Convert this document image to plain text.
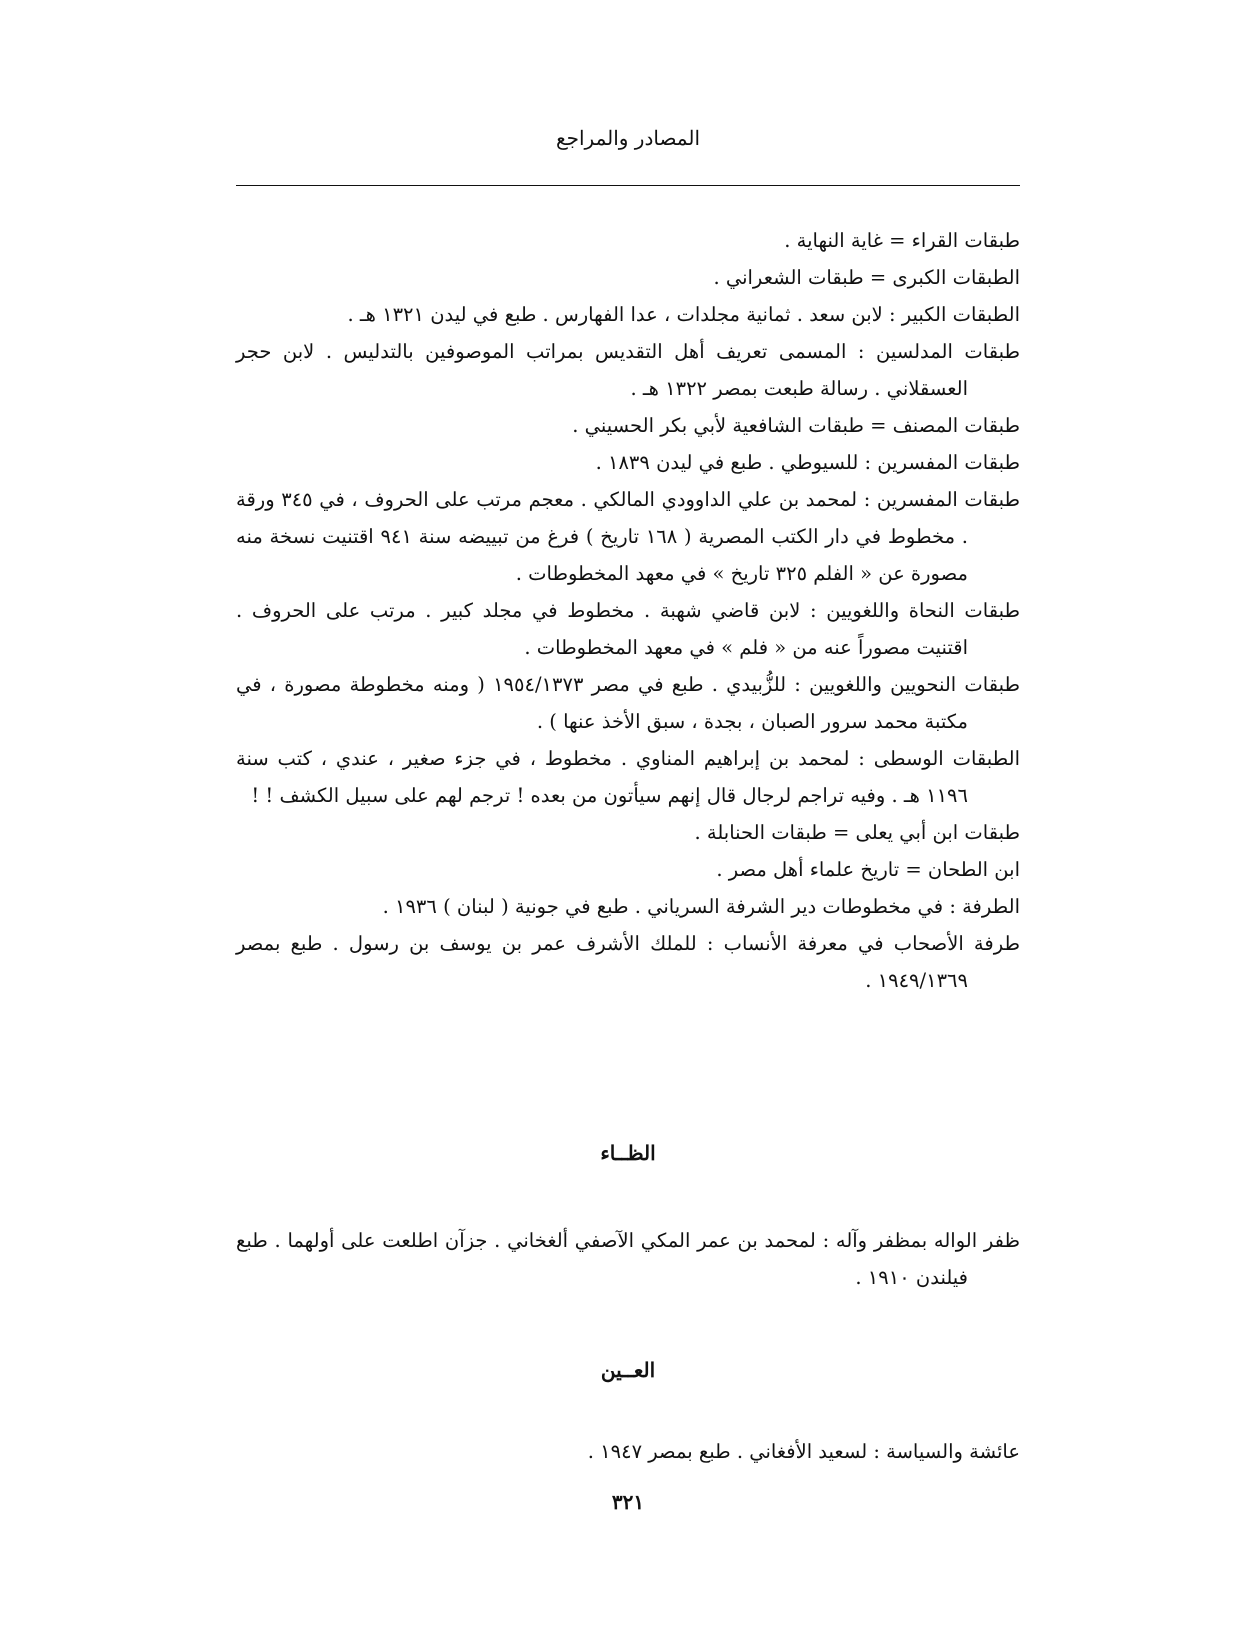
المصادر والمراجع

طبقات القراء = غاية النهاية .

الطبقات الكبرى = طبقات الشعراني .

الطبقات الكبير : لابن سعد . ثمانية مجلدات ، عدا الفهارس . طبع في ليدن ١٣٢١ هـ .

طبقات المدلسين : المسمى تعريف أهل التقديس بمراتب الموصوفين بالتدليس . لابن حجر العسقلاني . رسالة طبعت بمصر ١٣٢٢ هـ .

طبقات المصنف = طبقات الشافعية لأبي بكر الحسيني .

طبقات المفسرين : للسيوطي . طبع في ليدن ١٨٣٩ .

طبقات المفسرين : لمحمد بن علي الداوودي المالكي . معجم مرتب على الحروف ، في ٣٤٥ ورقة . مخطوط في دار الكتب المصرية ( ١٦٨ تاريخ ) فرغ من تبييضه سنة ٩٤١ اقتنيت نسخة منه مصورة عن « الفلم ٣٢٥ تاريخ » في معهد المخطوطات .

طبقات النحاة واللغويين : لابن قاضي شهبة . مخطوط في مجلد كبير . مرتب على الحروف . اقتنيت مصوراً عنه من « فلم » في معهد المخطوطات .

طبقات النحويين واللغويين : للزُّبيدي . طبع في مصر ١٩٥٤/١٣٧٣ ( ومنه مخطوطة مصورة ، في مكتبة محمد سرور الصبان ، بجدة ، سبق الأخذ عنها ) .

الطبقات الوسطى : لمحمد بن إبراهيم المناوي . مخطوط ، في جزء صغير ، عندي ، كتب سنة ١١٩٦ هـ . وفيه تراجم لرجال قال إنهم سيأتون من بعده ! ترجم لهم على سبيل الكشف ! !

طبقات ابن أبي يعلى = طبقات الحنابلة .

ابن الطحان = تاريخ علماء أهل مصر .

الطرفة : في مخطوطات دير الشرفة السرياني . طبع في جونية ( لبنان ) ١٩٣٦ .

طرفة الأصحاب في معرفة الأنساب : للملك الأشرف عمر بن يوسف بن رسول . طبع بمصر ١٩٤٩/١٣٦٩ .

الظــاء

ظفر الواله بمظفر وآله : لمحمد بن عمر المكي الآصفي ألغخاني . جزآن اطلعت على أولهما . طبع فيلندن ١٩١٠ .

العــين

عائشة والسياسة : لسعيد الأفغاني . طبع بمصر ١٩٤٧ .

٣٢١
